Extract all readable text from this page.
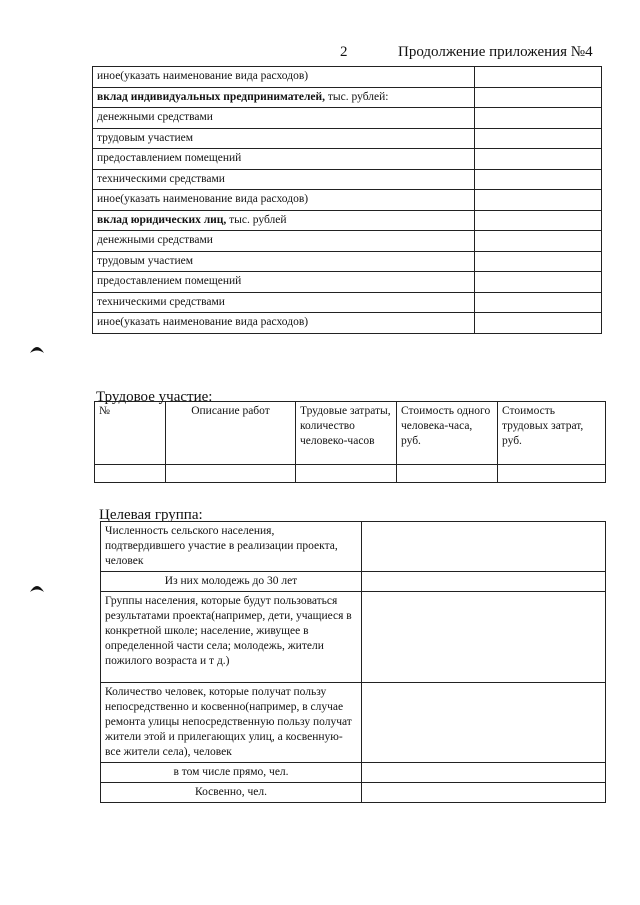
2	Продолжение приложения №4
иное(указать наименование вида расходов)	
вклад индивидуальных предпринимателей, тыс. рублей:	
денежными средствами	
трудовым участием	
предоставлением помещений	
техническими средствами	
иное(указать наименование вида расходов)	
вклад юридических лиц, тыс. рублей	
денежными средствами	
трудовым участием	
предоставлением помещений	
техническими средствами	
иное(указать наименование вида расходов)	
Трудовое участие:
№	Описание работ	Трудовые затраты, количество человеко-часов	Стоимость одного человека-часа, руб.	Стоимость трудовых затрат, руб.

Целевая группа:
Численность сельского населения, подтвердившего участие в реализации проекта, человек	
Из них молодежь до 30 лет	
Группы населения, которые будут пользоваться результатами проекта(например, дети, учащиеся в конкретной школе; население, живущее в определенной части села; молодежь, жители пожилого возраста и т д.)	
Количество человек, которые получат пользу непосредственно и косвенно(например, в случае ремонта улицы непосредственную пользу получат жители этой и прилегающих улиц, а косвенную- все жители села), человек	
в том числе прямо, чел.	
Косвенно, чел.	
